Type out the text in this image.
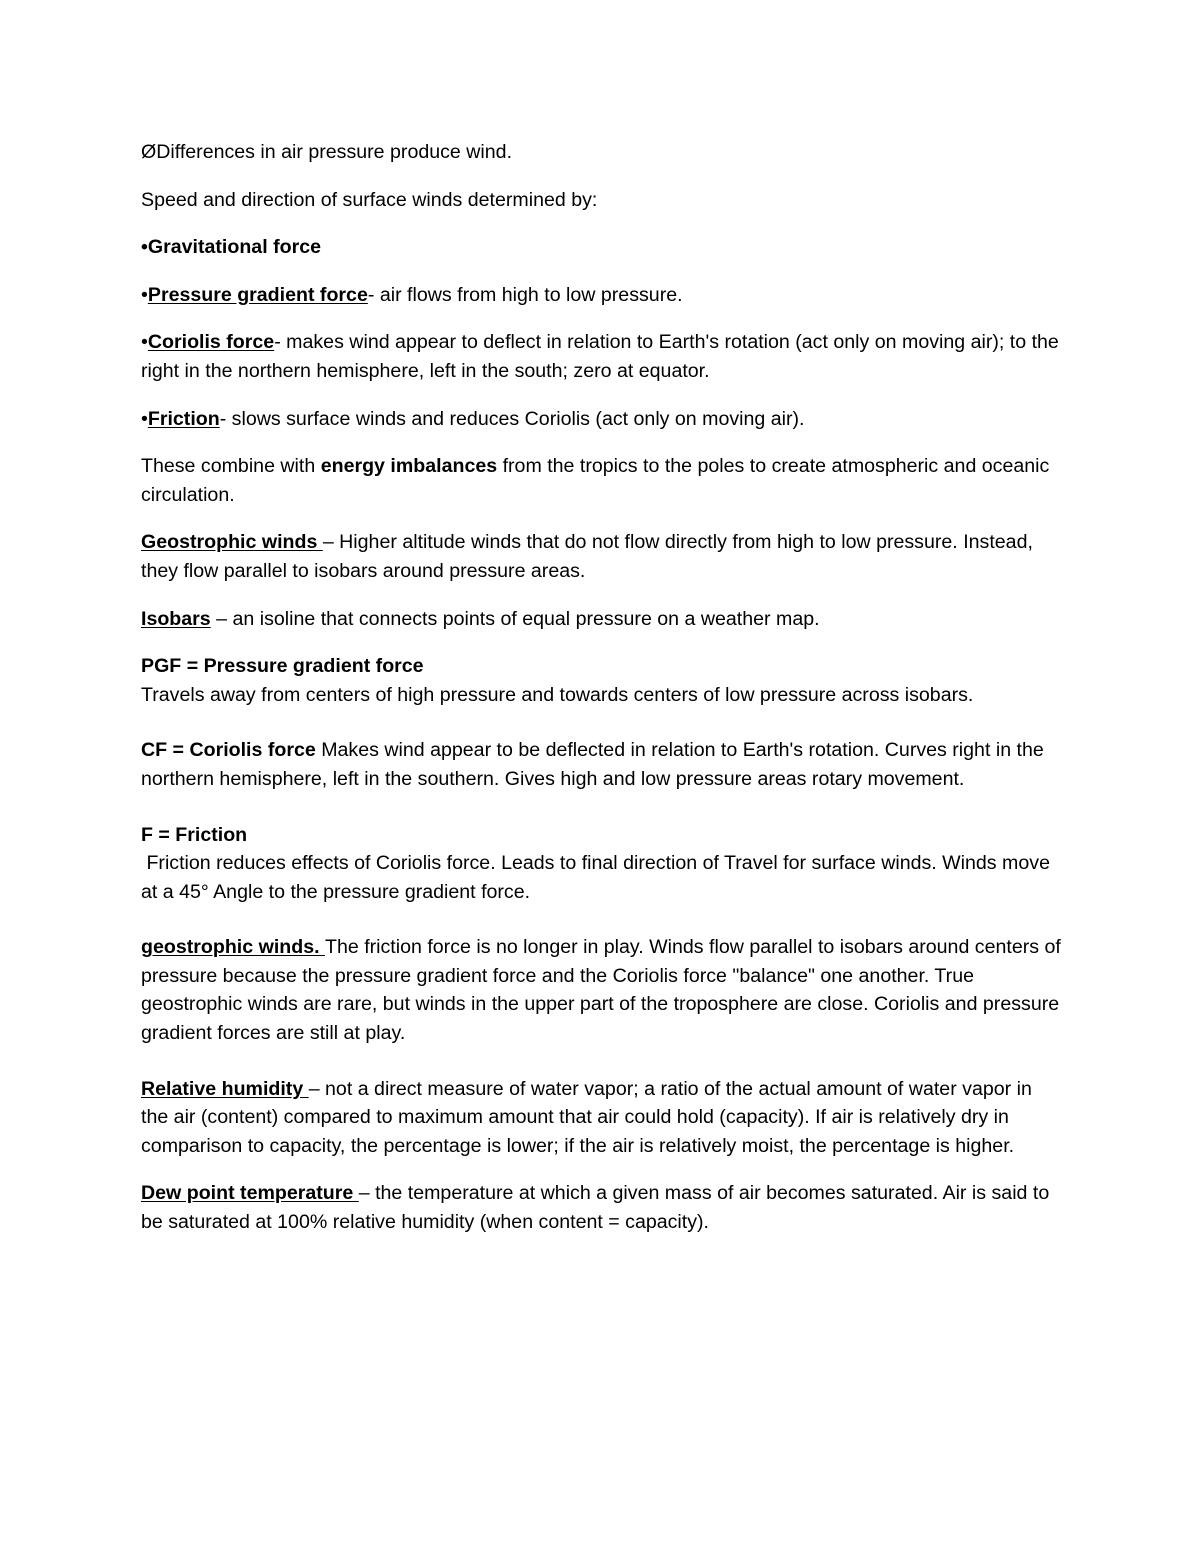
ØDifferences in air pressure produce wind.

Speed and direction of surface winds determined by:

•Gravitational force

•Pressure gradient force- air flows from high to low pressure.

•Coriolis force- makes wind appear to deflect in relation to Earth's rotation (act only on moving air); to the right in the northern hemisphere, left in the south; zero at equator.

•Friction- slows surface winds and reduces Coriolis (act only on moving air).

These combine with energy imbalances from the tropics to the poles to create atmospheric and oceanic circulation.

Geostrophic winds – Higher altitude winds that do not flow directly from high to low pressure. Instead, they flow parallel to isobars around pressure areas.

Isobars – an isoline that connects points of equal pressure on a weather map.

PGF = Pressure gradient force
Travels away from centers of high pressure and towards centers of low pressure across isobars.

CF = Coriolis force Makes wind appear to be deflected in relation to Earth's rotation. Curves right in the northern hemisphere, left in the southern. Gives high and low pressure areas rotary movement.

F = Friction
Friction reduces effects of Coriolis force. Leads to final direction of Travel for surface winds. Winds move at a 45° Angle to the pressure gradient force.

geostrophic winds. The friction force is no longer in play. Winds flow parallel to isobars around centers of pressure because the pressure gradient force and the Coriolis force "balance" one another. True geostrophic winds are rare, but winds in the upper part of the troposphere are close. Coriolis and pressure gradient forces are still at play.

Relative humidity – not a direct measure of water vapor; a ratio of the actual amount of water vapor in the air (content) compared to maximum amount that air could hold (capacity). If air is relatively dry in comparison to capacity, the percentage is lower; if the air is relatively moist, the percentage is higher.

Dew point temperature – the temperature at which a given mass of air becomes saturated. Air is said to be saturated at 100% relative humidity (when content = capacity).
